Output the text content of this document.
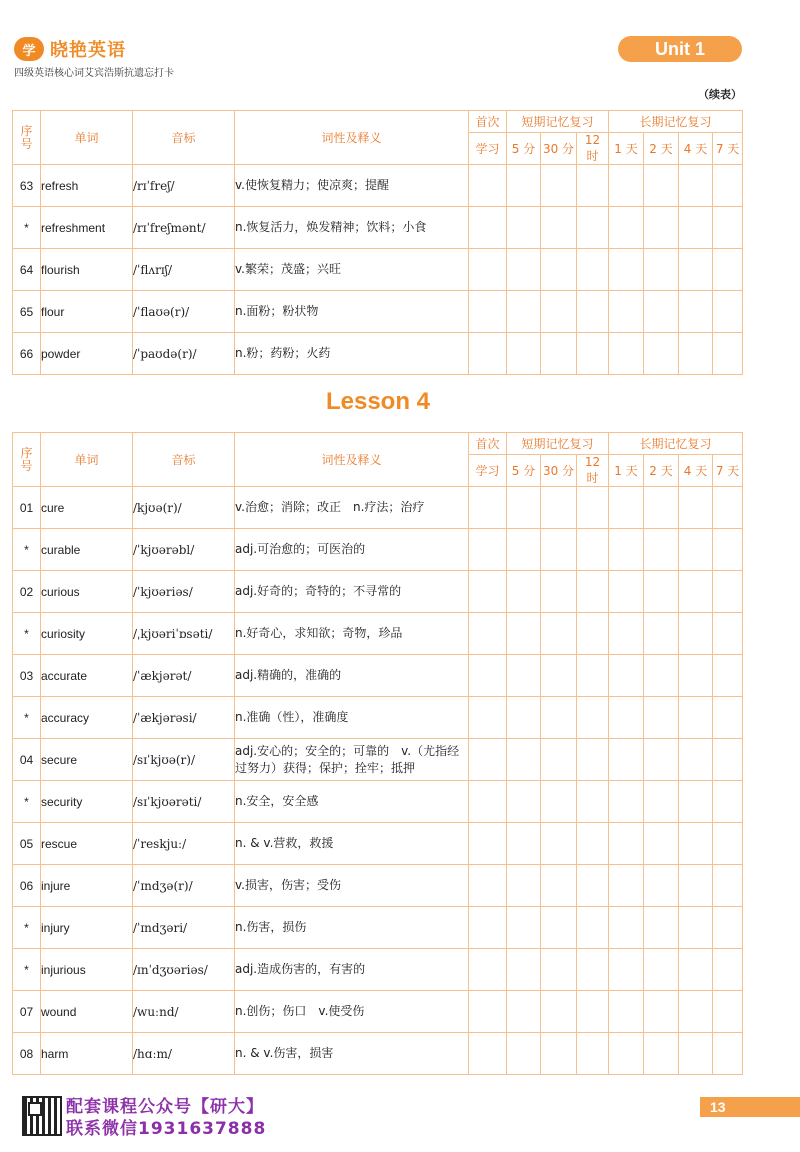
学 晓艳英语
四级英语核心词艾宾浩斯抗遗忘打卡
Unit 1
（续表）
序号	单词	音标	词性及释义	首次	短期记忆复习			长期记忆复习			
				学习	5 分	30 分	12 时	1 天	2 天	4 天	7 天
63	refresh	/rɪˈfreʃ/	v.使恢复精力；使凉爽；提醒								
*	refreshment	/rɪˈfreʃmənt/	n.恢复活力，焕发精神；饮料；小食								
64	flourish	/ˈflʌrɪʃ/	v.繁荣；茂盛；兴旺								
65	flour	/ˈflaʊə(r)/	n.面粉；粉状物								
66	powder	/ˈpaʊdə(r)/	n.粉；药粉；火药								
Lesson 4
序号	单词	音标	词性及释义	首次	短期记忆复习			长期记忆复习			
				学习	5 分	30 分	12 时	1 天	2 天	4 天	7 天
01	cure	/kjʊə(r)/	v.治愈；消除；改正　n.疗法；治疗								
*	curable	/ˈkjʊərəbl/	adj.可治愈的；可医治的								
02	curious	/ˈkjʊəriəs/	adj.好奇的；奇特的；不寻常的								
*	curiosity	/ˌkjʊəriˈɒsəti/	n.好奇心，求知欲；奇物，珍品								
03	accurate	/ˈækjərət/	adj.精确的，准确的								
*	accuracy	/ˈækjərəsi/	n.准确（性），准确度								
04	secure	/sɪˈkjʊə(r)/	adj.安心的；安全的；可靠的　v.（尤指经过努力）获得；保护；拴牢；抵押								
*	security	/sɪˈkjʊərəti/	n.安全，安全感								
05	rescue	/ˈreskjuː/	n. & v.营救，救援								
06	injure	/ˈɪndʒə(r)/	v.损害，伤害；受伤								
*	injury	/ˈɪndʒəri/	n.伤害，损伤								
*	injurious	/ɪnˈdʒʊəriəs/	adj.造成伤害的，有害的								
07	wound	/wuːnd/	n.创伤；伤口　v.使受伤								
08	harm	/hɑːm/	n. & v.伤害，损害								
配套课程公众号【研大】
联系微信1931637888
13
